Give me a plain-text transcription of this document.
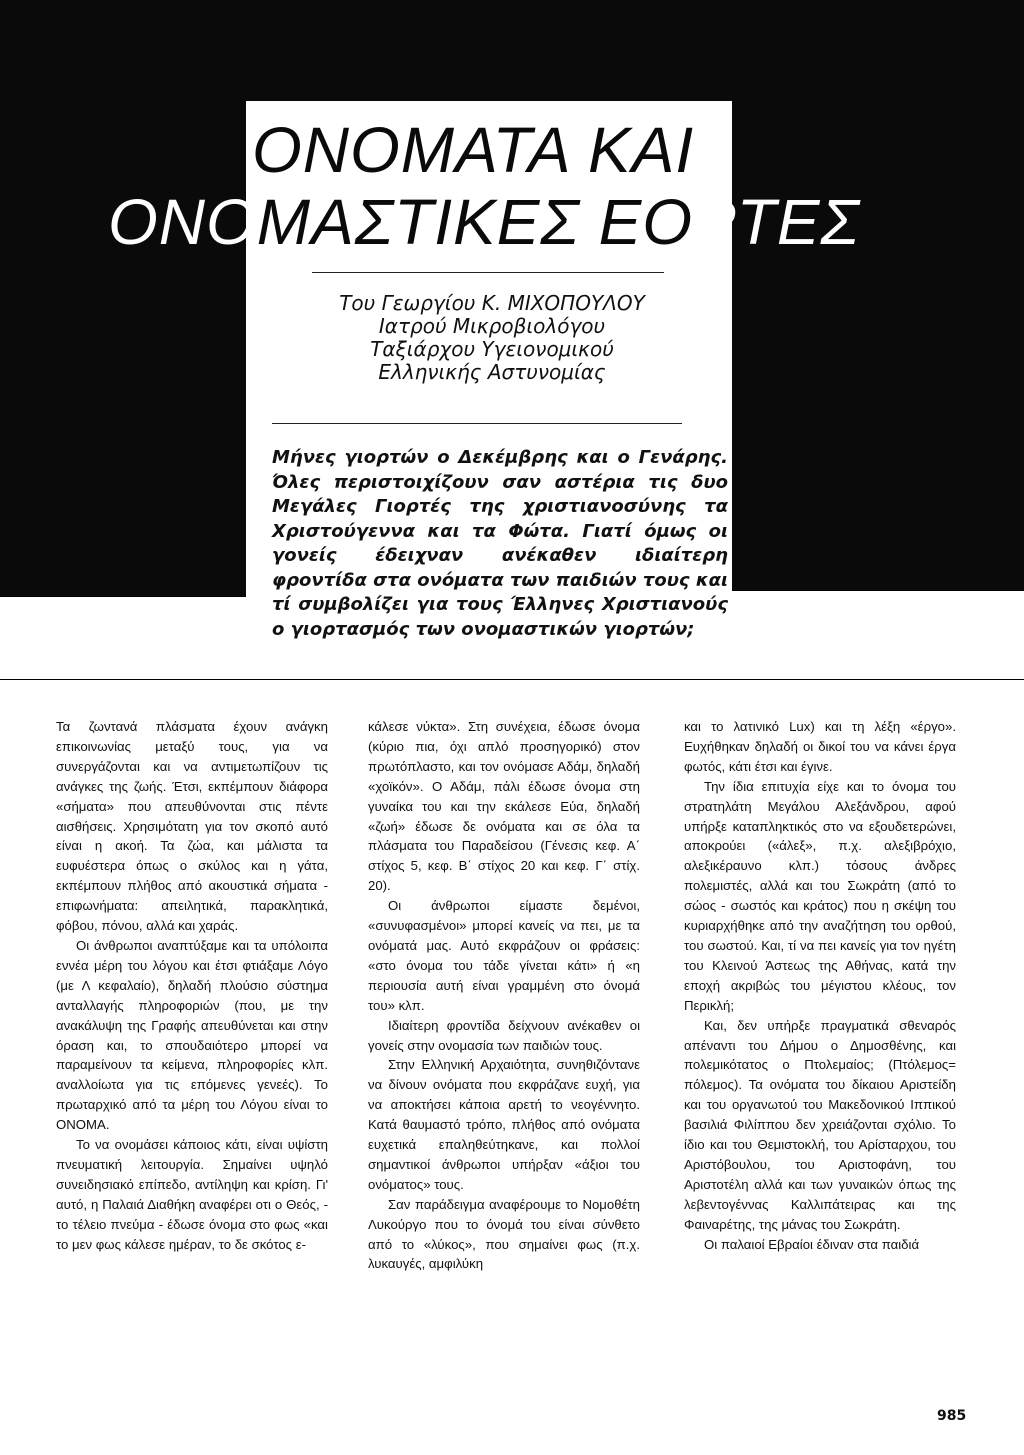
ΟΝΟΜΑΤΑ ΚΑΙ
ΟΝΟΜΑΣΤΙΚΕΣ ΕΟΡΤΕΣ
Του Γεωργίου Κ. ΜΙΧΟΠΟΥΛΟΥ
Ιατρού Μικροβιολόγου
Ταξιάρχου Υγειονομικού
Ελληνικής Αστυνομίας

Μήνες γιορτών ο Δεκέμβρης και ο Γενάρης. Όλες περιστοιχίζουν σαν αστέρια τις δυο Μεγάλες Γιορτές της χριστιανοσύνης τα Χριστούγεννα και τα Φώτα. Γιατί όμως οι γονείς έδειχναν ανέκαθεν ιδιαίτερη φροντίδα στα ονόματα των παιδιών τους και τί συμβολίζει για τους Έλληνες Χριστιανούς ο γιορτασμός των ονομαστικών γιορτών;

Τα ζωντανά πλάσματα έχουν ανάγκη επικοινωνίας μεταξύ τους, για να συνεργάζονται και να αντιμετωπίζουν τις ανάγκες της ζωής. Έτσι, εκπέμπουν διάφορα «σήματα» που απευθύνονται στις πέντε αισθήσεις. Χρησιμότατη για τον σκοπό αυτό είναι η ακοή. Τα ζώα, και μάλιστα τα ευφυέστερα όπως ο σκύλος και η γάτα, εκπέμπουν πλήθος από ακουστικά σήματα - επιφωνήματα: απειλητικά, παρακλητικά, φόβου, πόνου, αλλά και χαράς.

Οι άνθρωποι αναπτύξαμε και τα υπόλοιπα εννέα μέρη του λόγου και έτσι φτιάξαμε Λόγο (με Λ κεφαλαίο), δηλαδή πλούσιο σύστημα ανταλλαγής πληροφοριών (που, με την ανακάλυψη της Γραφής απευθύνεται και στην όραση και, το σπουδαιότερο μπορεί να παραμείνουν τα κείμενα, πληροφορίες κλπ. αναλλοίωτα για τις επόμενες γενεές). Το πρωταρχικό από τα μέρη του Λόγου είναι το ΟΝΟΜΑ.

Το να ονομάσει κάποιος κάτι, είναι υψίστη πνευματική λειτουργία. Σημαίνει υψηλό συνειδησιακό επίπεδο, αντίληψη και κρίση. Γι' αυτό, η Παλαιά Διαθήκη αναφέρει οτι ο Θεός, - το τέλειο πνεύμα - έδωσε όνομα στο φως «και το μεν φως κάλεσε ημέραν, το δε σκότος ε-

κάλεσε νύκτα». Στη συνέχεια, έδωσε όνομα (κύριο πια, όχι απλό προσηγορικό) στον πρωτόπλαστο, και τον ονόμασε Αδάμ, δηλαδή «χοϊκόν». Ο Αδάμ, πάλι έδωσε όνομα στη γυναίκα του και την εκάλεσε Εύα, δηλαδή «ζωή» έδωσε δε ονόματα και σε όλα τα πλάσματα του Παραδείσου (Γένεσις κεφ. Α΄ στίχος 5, κεφ. Β΄ στίχος 20 και κεφ. Γ΄ στίχ. 20).

Οι άνθρωποι είμαστε δεμένοι, «συνυφασμένοι» μπορεί κανείς να πει, με τα ονόματά μας. Αυτό εκφράζουν οι φράσεις: «στο όνομα του τάδε γίνεται κάτι» ή «η περιουσία αυτή είναι γραμμένη στο όνομά του» κλπ.

Ιδιαίτερη φροντίδα δείχνουν ανέκαθεν οι γονείς στην ονομασία των παιδιών τους.

Στην Ελληνική Αρχαιότητα, συνηθιζόντανε να δίνουν ονόματα που εκφράζανε ευχή, για να αποκτήσει κάποια αρετή το νεογέννητο. Κατά θαυμαστό τρόπο, πλήθος από ονόματα ευχετικά επαληθεύτηκανε, και πολλοί σημαντικοί άνθρωποι υπήρξαν «άξιοι του ονόματος» τους.

Σαν παράδειγμα αναφέρουμε το Νομοθέτη Λυκούργο που το όνομά του είναι σύνθετο από το «λύκος», που σημαίνει φως (π.χ. λυκαυγές, αμφιλύκη

και το λατινικό Lux) και τη λέξη «έργο». Ευχήθηκαν δηλαδή οι δικοί του να κάνει έργα φωτός, κάτι έτσι και έγινε.

Την ίδια επιτυχία είχε και το όνομα του στρατηλάτη Μεγάλου Αλεξάνδρου, αφού υπήρξε καταπληκτικός στο να εξουδετερώνει, αποκρούει («άλεξ», π.χ. αλεξιβρόχιο, αλεξικέραυνο κλπ.) τόσους άνδρες πολεμιστές, αλλά και του Σωκράτη (από το σώος - σωστός και κράτος) που η σκέψη του κυριαρχήθηκε από την αναζήτηση του ορθού, του σωστού. Και, τί να πει κανείς για τον ηγέτη του Κλεινού Άστεως της Αθήνας, κατά την εποχή ακριβώς του μέγιστου κλέους, τον Περικλή;

Και, δεν υπήρξε πραγματικά σθεναρός απέναντι του Δήμου ο Δημοσθένης, και πολεμικότατος ο Πτολεμαίος; (Πτόλεμος= πόλεμος). Τα ονόματα του δίκαιου Αριστείδη και του οργανωτού του Μακεδονικού Ιππικού βασιλιά Φιλίππου δεν χρειάζονται σχόλιο. Το ίδιο και του Θεμιστοκλή, του Αρίσταρχου, του Αριστόβουλου, του Αριστοφάνη, του Αριστοτέλη αλλά και των γυναικών όπως της λεβεντογέννας Καλλιπάτειρας και της Φαιναρέτης, της μάνας του Σωκράτη.

Οι παλαιοί Εβραίοι έδιναν στα παιδιά

985
